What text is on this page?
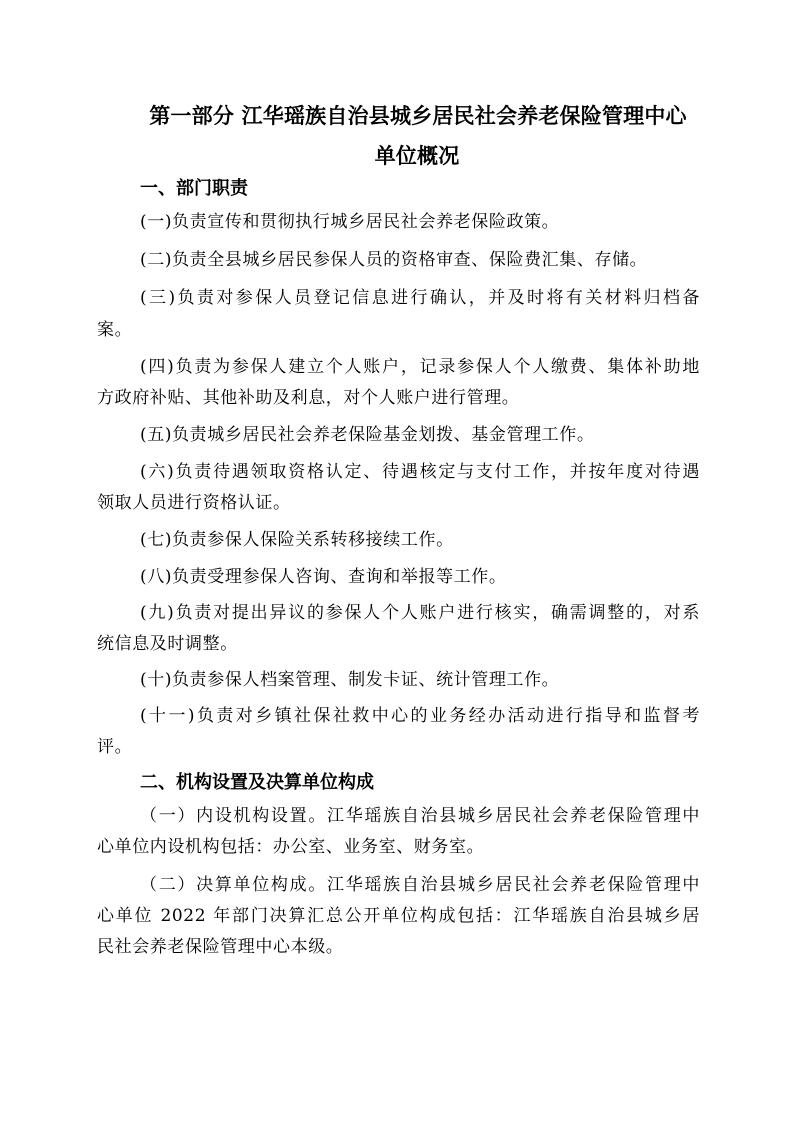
第一部分 江华瑶族自治县城乡居民社会养老保险管理中心
单位概况
一、部门职责
(一)负责宣传和贯彻执行城乡居民社会养老保险政策。
(二)负责全县城乡居民参保人员的资格审查、保险费汇集、存储。
(三)负责对参保人员登记信息进行确认，并及时将有关材料归档备
案。
(四)负责为参保人建立个人账户，记录参保人个人缴费、集体补助地
方政府补贴、其他补助及利息，对个人账户进行管理。
(五)负责城乡居民社会养老保险基金划拨、基金管理工作。
(六)负责待遇领取资格认定、待遇核定与支付工作，并按年度对待遇
领取人员进行资格认证。
(七)负责参保人保险关系转移接续工作。
(八)负责受理参保人咨询、查询和举报等工作。
(九)负责对提出异议的参保人个人账户进行核实，确需调整的，对系
统信息及时调整。
(十)负责参保人档案管理、制发卡证、统计管理工作。
(十一)负责对乡镇社保社救中心的业务经办活动进行指导和监督考
评。
二、机构设置及决算单位构成
（一）内设机构设置。江华瑶族自治县城乡居民社会养老保险管理中
心单位内设机构包括：办公室、业务室、财务室。
（二）决算单位构成。江华瑶族自治县城乡居民社会养老保险管理中
心单位 2022 年部门决算汇总公开单位构成包括：江华瑶族自治县城乡居
民社会养老保险管理中心本级。
